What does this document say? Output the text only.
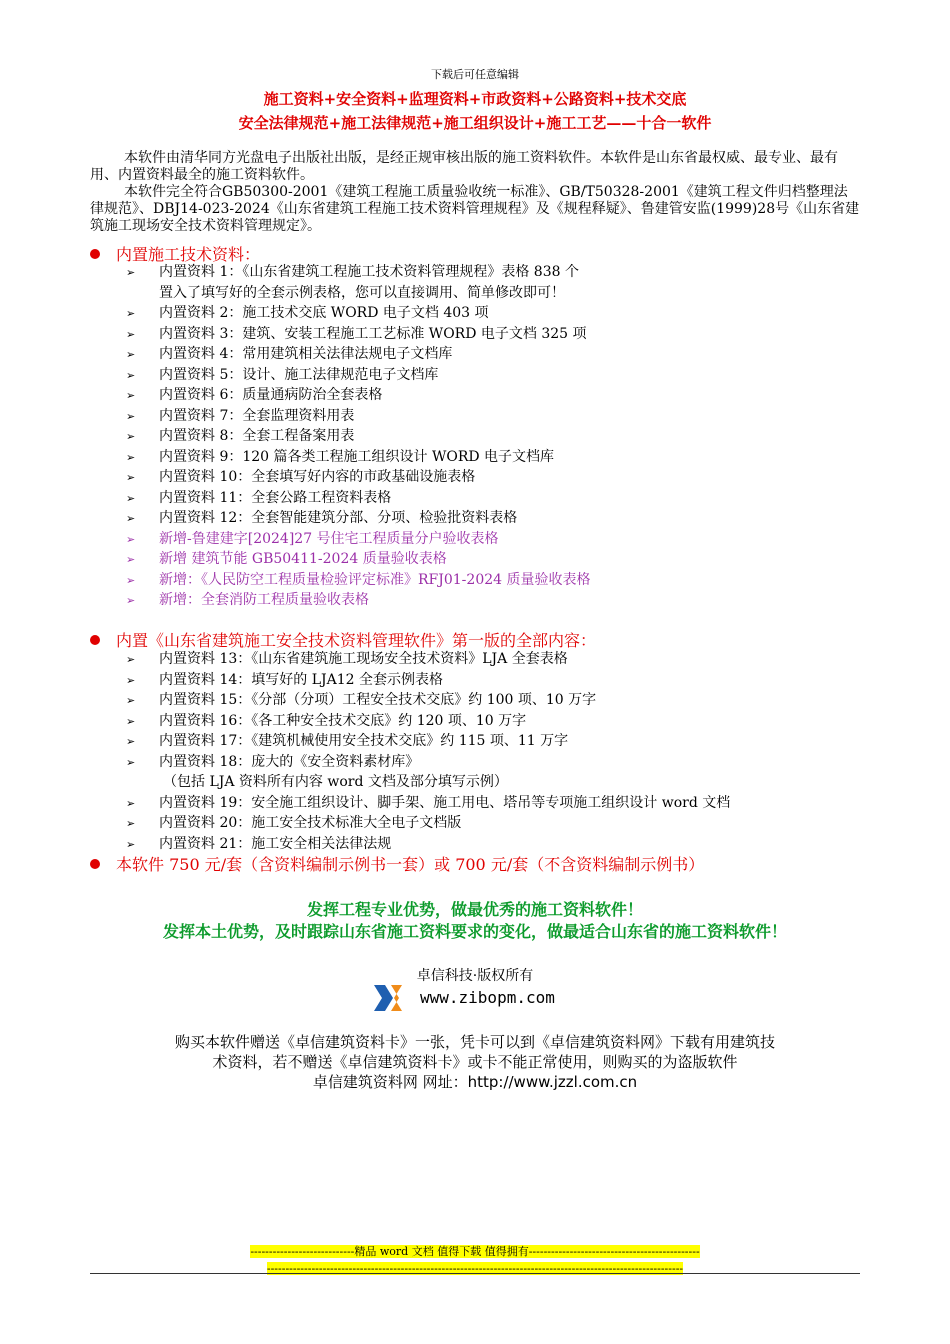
下载后可任意编辑
施工资料+安全资料+监理资料+市政资料+公路资料+技术交底
安全法律规范+施工法律规范+施工组织设计+施工工艺——十合一软件

本软件由清华同方光盘电子出版社出版，是经正规审核出版的施工资料软件。本软件是山东省最权威、最专业、最有用、内置资料最全的施工资料软件。

本软件完全符合GB50300-2001《建筑工程施工质量验收统一标准》、GB/T50328-2001《建筑工程文件归档整理法律规范》、DBJ14-023-2024《山东省建筑工程施工技术资料管理规程》及《规程释疑》、鲁建管安监(1999)28号《山东省建筑施工现场安全技术资料管理规定》。

内置施工技术资料：
➢ 内置资料 1：《山东省建筑工程施工技术资料管理规程》表格 838 个
置入了填写好的全套示例表格，您可以直接调用、简单修改即可！
➢ 内置资料 2：施工技术交底 WORD 电子文档 403 项
➢ 内置资料 3：建筑、安装工程施工工艺标准 WORD 电子文档 325 项
➢ 内置资料 4：常用建筑相关法律法规电子文档库
➢ 内置资料 5：设计、施工法律规范电子文档库
➢ 内置资料 6：质量通病防治全套表格
➢ 内置资料 7：全套监理资料用表
➢ 内置资料 8：全套工程备案用表
➢ 内置资料 9：120 篇各类工程施工组织设计 WORD 电子文档库
➢ 内置资料 10：全套填写好内容的市政基础设施表格
➢ 内置资料 11：全套公路工程资料表格
➢ 内置资料 12：全套智能建筑分部、分项、检验批资料表格
➢ 新增-鲁建建字[2024]27 号住宅工程质量分户验收表格
➢ 新增 建筑节能 GB50411-2024 质量验收表格
➢ 新增：《人民防空工程质量检验评定标准》RFJ01-2024 质量验收表格
➢ 新增：全套消防工程质量验收表格
内置《山东省建筑施工安全技术资料管理软件》第一版的全部内容：
➢ 内置资料 13：《山东省建筑施工现场安全技术资料》LJA 全套表格
➢ 内置资料 14：填写好的 LJA12 全套示例表格
➢ 内置资料 15：《分部（分项）工程安全技术交底》约 100 项、10 万字
➢ 内置资料 16：《各工种安全技术交底》约 120 项、10 万字
➢ 内置资料 17：《建筑机械使用安全技术交底》约 115 项、11 万字
➢ 内置资料 18：庞大的《安全资料素材库》
（包括 LJA 资料所有内容 word 文档及部分填写示例）
➢ 内置资料 19：安全施工组织设计、脚手架、施工用电、塔吊等专项施工组织设计 word 文档
➢ 内置资料 20：施工安全技术标准大全电子文档版
➢ 内置资料 21：施工安全相关法律法规
本软件 750 元/套（含资料编制示例书一套）或 700 元/套（不含资料编制示例书）
发挥工程专业优势，做最优秀的施工资料软件！
发挥本土优势，及时跟踪山东省施工资料要求的变化，做最适合山东省的施工资料软件！
卓信科技·版权所有
www.zibopm.com
购买本软件赠送《卓信建筑资料卡》一张，凭卡可以到《卓信建筑资料网》下载有用建筑技
术资料，若不赠送《卓信建筑资料卡》或卡不能正常使用，则购买的为盗版软件
卓信建筑资料网 网址：http://www.jzzl.com.cn
----------------------------精品 word 文档 值得下载 值得拥有----------------------------------------------
----------------------------------------------------------------------------------------------------------------
